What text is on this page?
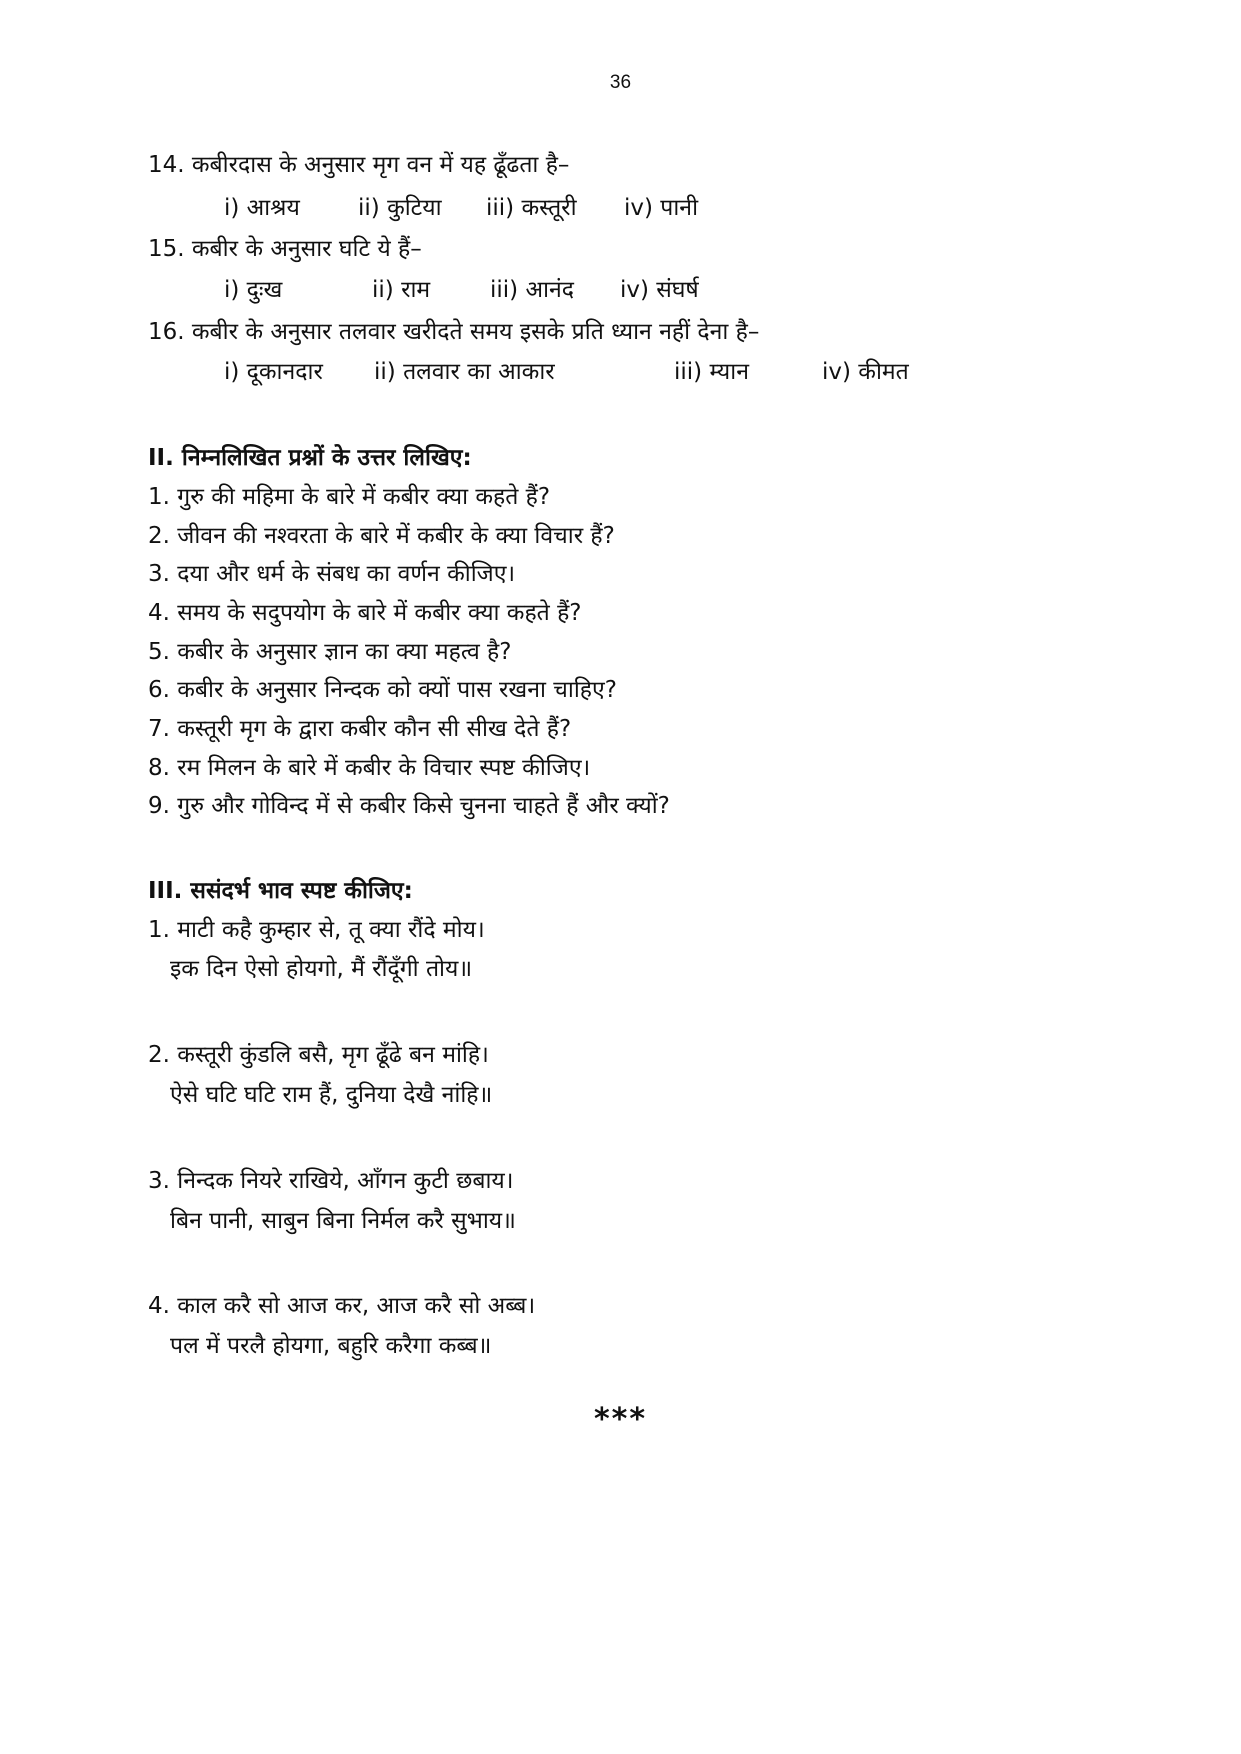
36
14. कबीरदास के अनुसार मृग वन में यह ढूँढता है–
i) आश्रय	ii) कुटिया iii) कस्तूरी iv) पानी
15. कबीर के अनुसार घटि ये हैं–
i) दुःख	ii) राम	iii) आनंद iv) संघर्ष
16. कबीर के अनुसार तलवार खरीदते समय इसके प्रति ध्यान नहीं देना है–
i) दूकानदार ii) तलवार का आकार	iii) म्यान	iv) कीमत
II. निम्नलिखित प्रश्नों के उत्तर लिखिए:
1. गुरु की महिमा के बारे में कबीर क्या कहते हैं?
2. जीवन की नश्वरता के बारे में कबीर के क्या विचार हैं?
3. दया और धर्म के संबध का वर्णन कीजिए।
4. समय के सदुपयोग के बारे में कबीर क्या कहते हैं?
5. कबीर के अनुसार ज्ञान का क्या महत्व है?
6. कबीर के अनुसार निन्दक को क्यों पास रखना चाहिए?
7. कस्तूरी मृग के द्वारा कबीर कौन सी सीख देते हैं?
8. रम मिलन के बारे में कबीर के विचार स्पष्ट कीजिए।
9. गुरु और गोविन्द में से कबीर किसे चुनना चाहते हैं और क्यों?
III. ससंदर्भ भाव स्पष्ट कीजिए:
1. माटी कहै कुम्हार से, तू क्या रौंदे मोय।
इक दिन ऐसो होयगो, मैं रौंदूँगी तोय॥
2. कस्तूरी कुंडलि बसै, मृग ढूँढे बन मांहि।
ऐसे घटि घटि राम हैं, दुनिया देखै नांहि॥
3. निन्दक नियरे राखिये, आँगन कुटी छबाय।
बिन पानी, साबुन बिना निर्मल करै सुभाय॥
4. काल करै सो आज कर, आज करै सो अब्ब।
पल में परलै होयगा, बहुरि करैगा कब्ब॥
***
